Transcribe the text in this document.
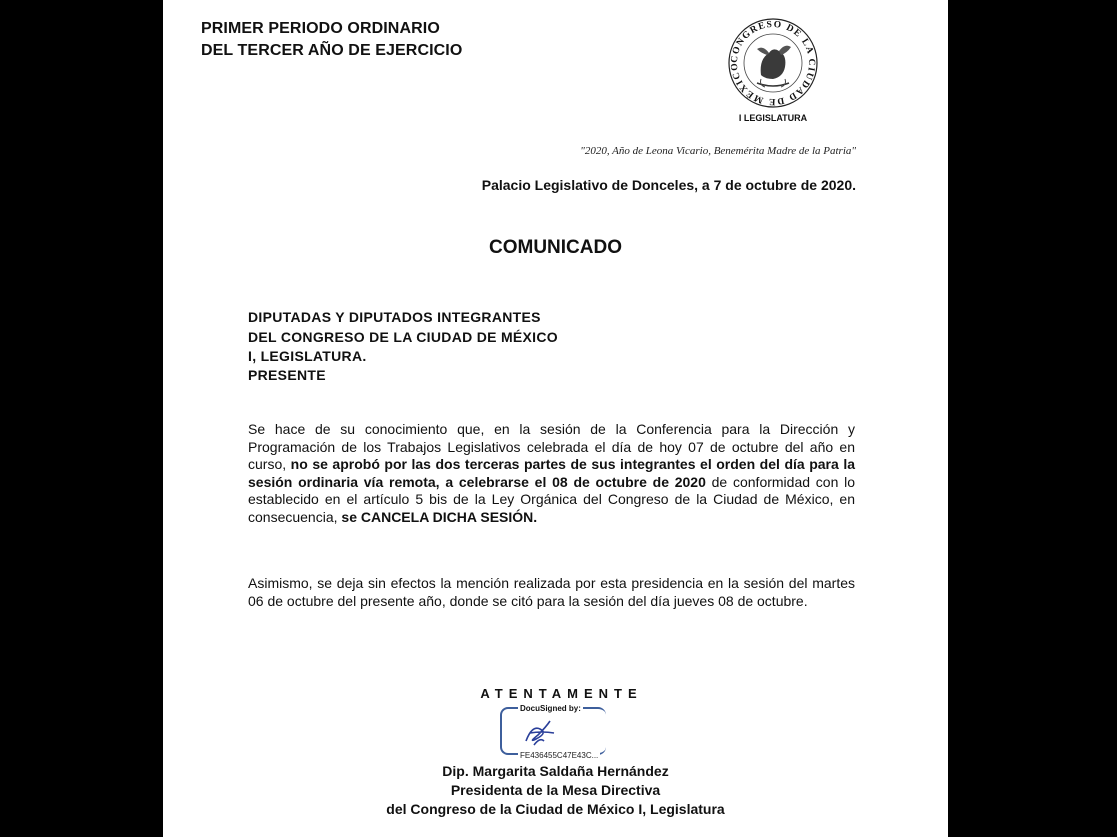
PRIMER PERIODO ORDINARIO
DEL TERCER AÑO DE EJERCICIO	CONGRESO DE LA CIUDAD DE MÉXICO
I LEGISLATURA
"2020, Año de Leona Vicario, Benemérita Madre de la Patria"
Palacio Legislativo de Donceles, a 7 de octubre de 2020.
COMUNICADO
DIPUTADAS Y DIPUTADOS INTEGRANTES
DEL CONGRESO DE LA CIUDAD DE MÉXICO
I, LEGISLATURA.
PRESENTE
Se hace de su conocimiento que, en la sesión de la Conferencia para la Dirección y Programación de los Trabajos Legislativos celebrada el día de hoy 07 de octubre del año en curso, no se aprobó por las dos terceras partes de sus integrantes el orden del día para la sesión ordinaria vía remota, a celebrarse el 08 de octubre de 2020 de conformidad con lo establecido en el artículo 5 bis de la Ley Orgánica del Congreso de la Ciudad de México, en consecuencia, se CANCELA DICHA SESIÓN.
Asimismo, se deja sin efectos la mención realizada por esta presidencia en la sesión del martes 06 de octubre del presente año, donde se citó para la sesión del día jueves 08 de octubre.
ATENTAMENTE
DocuSigned by:
FE436455C47E43C...
Dip. Margarita Saldaña Hernández
Presidenta de la Mesa Directiva
del Congreso de la Ciudad de México I, Legislatura
